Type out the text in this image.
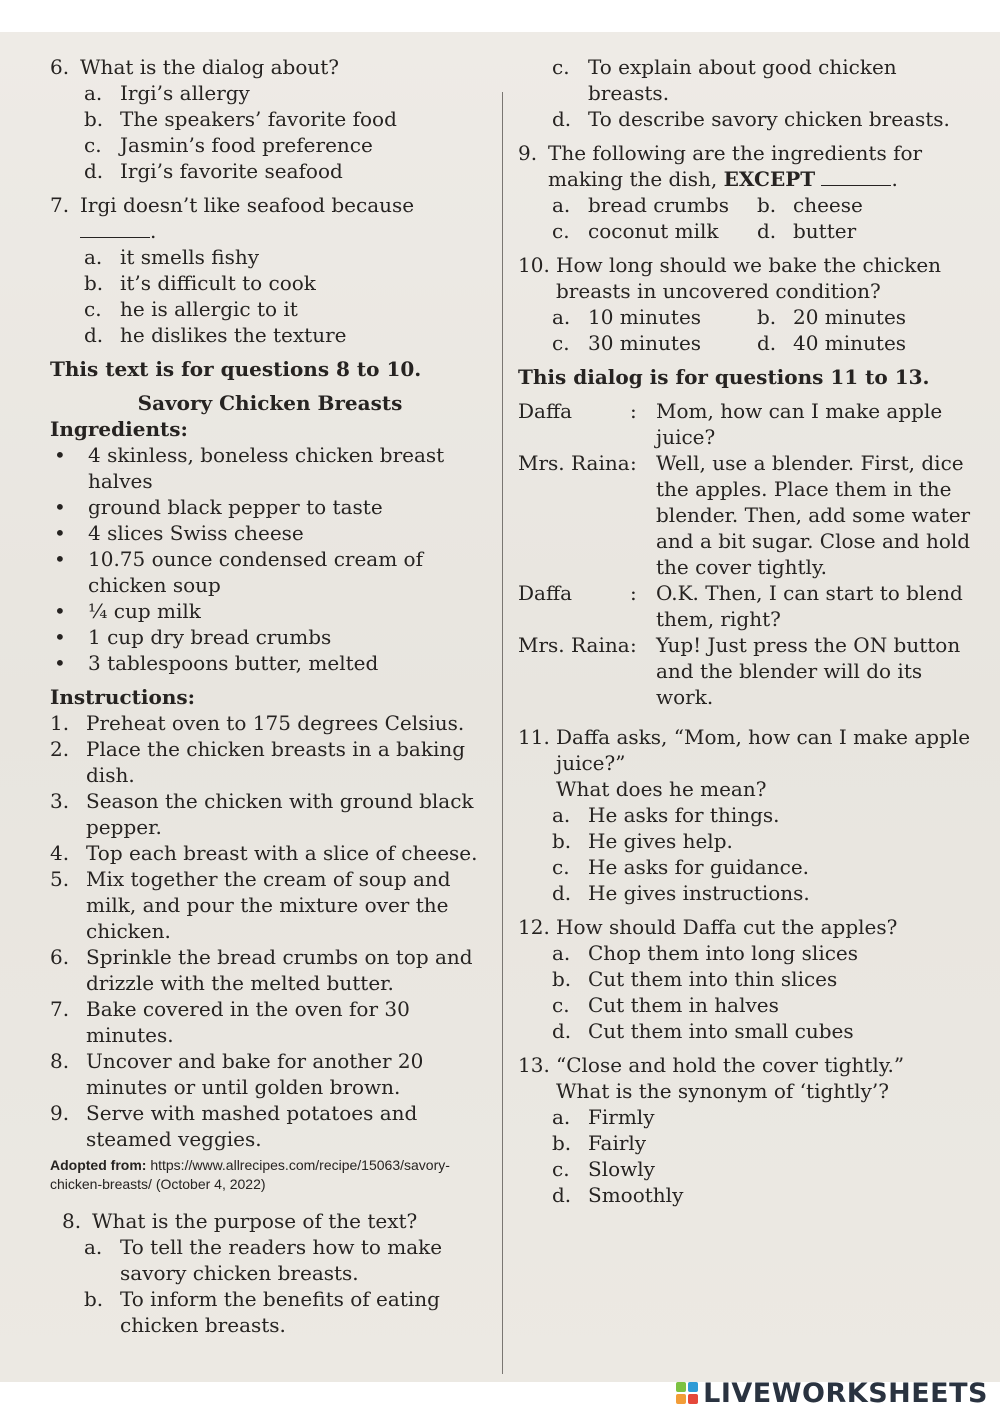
6. What is the dialog about?
a. Irgi’s allergy
b. The speakers’ favorite food
c. Jasmin’s food preference
d. Irgi’s favorite seafood
7. Irgi doesn’t like seafood because .
a. it smells fishy
b. it’s difficult to cook
c. he is allergic to it
d. he dislikes the texture
This text is for questions 8 to 10.
Savory Chicken Breasts
Ingredients:
•	4 skinless, boneless chicken breast halves
•	ground black pepper to taste
•	4 slices Swiss cheese
•	10.75 ounce condensed cream of chicken soup
•	¼ cup milk
•	1 cup dry bread crumbs
•	3 tablespoons butter, melted
Instructions:
1. Preheat oven to 175 degrees Celsius.
2. Place the chicken breasts in a baking dish.
3. Season the chicken with ground black pepper.
4. Top each breast with a slice of cheese.
5. Mix together the cream of soup and milk, and pour the mixture over the chicken.
6. Sprinkle the bread crumbs on top and drizzle with the melted butter.
7. Bake covered in the oven for 30 minutes.
8. Uncover and bake for another 20 minutes or until golden brown.
9. Serve with mashed potatoes and steamed veggies.
Adopted from: https://www.allrecipes.com/recipe/15063/savory-chicken-breasts/ (October 4, 2022)
8. What is the purpose of the text?
a. To tell the readers how to make savory chicken breasts.
b. To inform the benefits of eating chicken breasts.
c. To explain about good chicken breasts.
d. To describe savory chicken breasts.
9. The following are the ingredients for making the dish, EXCEPT	.
a. bread crumbs b. cheese
c. coconut milk d. butter
10. How long should we bake the chicken breasts in uncovered condition?
a. 10 minutes	b. 20 minutes
c. 30 minutes	d. 40 minutes
This dialog is for questions 11 to 13.
Daffa	: Mom, how can I make apple juice?
Mrs. Raina : Well, use a blender. First, dice the apples. Place them in the blender. Then, add some water and a bit sugar. Close and hold the cover tightly.
Daffa	: O.K. Then, I can start to blend them, right?
Mrs. Raina : Yup! Just press the ON button and the blender will do its work.
11. Daffa asks, “Mom, how can I make apple juice?”
What does he mean?
a. He asks for things.
b. He gives help.
c. He asks for guidance.
d. He gives instructions.
12. How should Daffa cut the apples?
a. Chop them into long slices
b. Cut them into thin slices
c. Cut them in halves
d. Cut them into small cubes
13. “Close and hold the cover tightly.”
What is the synonym of ‘tightly’?
a. Firmly
b. Fairly
c. Slowly
d. Smoothly
LIVEWORKSHEETS
